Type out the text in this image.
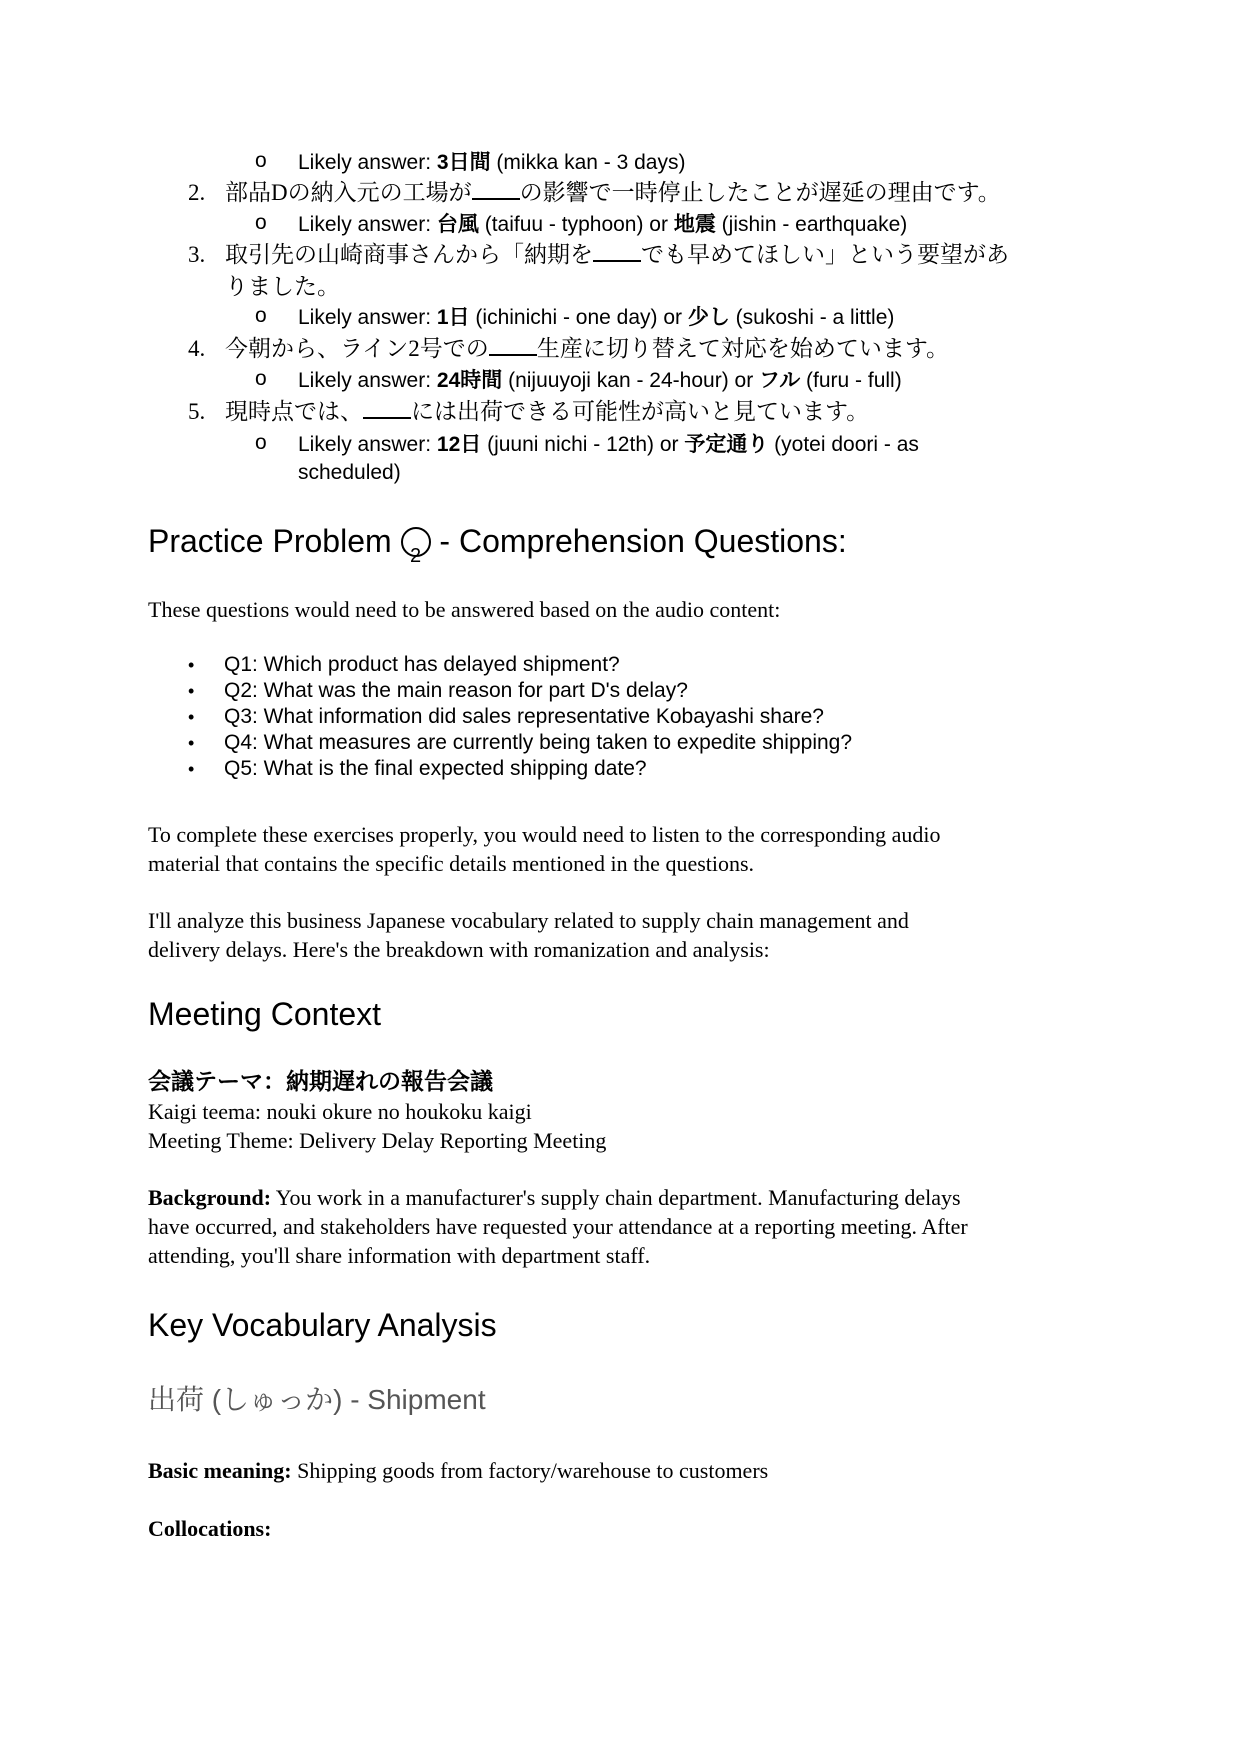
o Likely answer: 3日間 (mikka kan - 3 days)
2. 部品Dの納入元の工場が の影響で一時停止したことが遅延の理由です。
o Likely answer: 台風 (taifuu - typhoon) or 地震 (jishin - earthquake)
3. 取引先の山崎商事さんから「納期を でも早めてほしい」という要望があ
りました。
o Likely answer: 1日 (ichinichi - one day) or 少し (sukoshi - a little)
4. 今朝から、ライン2号での 生産に切り替えて対応を始めています。
o Likely answer: 24時間 (nijuuyoji kan - 24-hour) or フル (furu - full)
5. 現時点では、 には出荷できる可能性が高いと見ています。
o Likely answer: 12日 (juuni nichi - 12th) or 予定通り (yotei doori - as
scheduled)
Practice Problem 2 - Comprehension Questions:
These questions would need to be answered based on the audio content:
• Q1: Which product has delayed shipment?
• Q2: What was the main reason for part D's delay?
• Q3: What information did sales representative Kobayashi share?
• Q4: What measures are currently being taken to expedite shipping?
• Q5: What is the final expected shipping date?
To complete these exercises properly, you would need to listen to the corresponding audio
material that contains the specific details mentioned in the questions.
I'll analyze this business Japanese vocabulary related to supply chain management and
delivery delays. Here's the breakdown with romanization and analysis:
Meeting Context
会議テーマ：納期遅れの報告会議
Kaigi teema: nouki okure no houkoku kaigi
Meeting Theme: Delivery Delay Reporting Meeting
Background: You work in a manufacturer's supply chain department. Manufacturing delays
have occurred, and stakeholders have requested your attendance at a reporting meeting. After
attending, you'll share information with department staff.
Key Vocabulary Analysis
出荷 (しゅっか) - Shipment
Basic meaning: Shipping goods from factory/warehouse to customers
Collocations:
